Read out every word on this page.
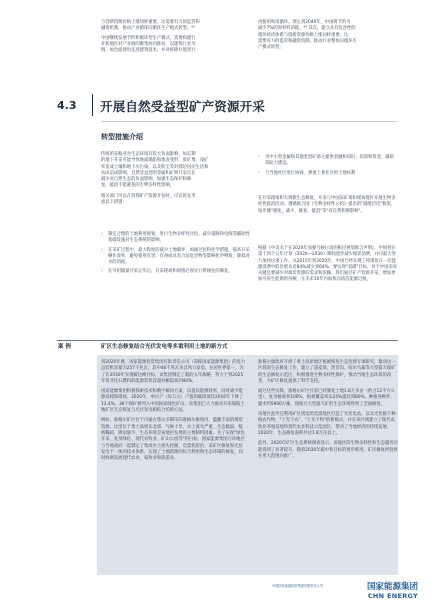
与创新资源价格上涨同样重要。这需要有力的监管和
融资机制，推动产业循环向循环生产模式转型。⁴³
中国继续发展节约和循环型生产模式，需要构建行
业和地区对产业链的聚集协同推动，以建筑行业为
例，如全面使用先进建筑技术，并对拆除垃圾进行
再使用和再循环。那么到2040年，中国将节约可
减少7%的原材料消耗。⁴⁴ 其次，建立具有包容性的
循环经济体系与创新资源价格上涨同样重要，这
需要有力的监管和融资机制，推动行业整体向循环生
产模式转型。
4.3 开展自然受益型矿产资源开采
转型措施介绍
传统的采掘业对生态环境有较大负面影响，如长期
的地下开采可能导致地面塌陷和地表变形，废矿堆、尾矿
库造成土壤和地下水污染，以及粉尘等对周边居民生活和
农田造成影响。自然受益型的金属和矿物开采旨在
减少对自然生态的负面影响，加强生态保护和修
复，抵消不能避免的生物多样性影响。
相关部门可以在管理矿产资源开发时，可以优先考
虑以下措施：
– 制定合理的土地利用规划，进行生物多样性评估，减少道路和电线等辅助性基础设施对生态系统的影响。
– 在采矿过程中，最大程度的减少土地破坏，如通过抗粉化学措施，提高开采操作效率，避免使用有害、有毒或具有合法危害物等影响化学物质，降低对水的消耗。
– 在可用储量开采完毕后，开采现场和周围必须实行系统化的修复。
– 为中小型金属和其他类型矿场主提供金融和知识、培训和资金、辅助其助力建设。
– 与当地社区进行协商，尊重土著社区的土地权利
在开采现场和大规模生态修复，开采与中国采矿场和现场地区开展生物多样性抵消活动，遵循联合国《生物多样性公约》提出的"减缓层次"框架，按步骤"避免、减少、修复、抵消"等"对自然积极影响"。
根据《中美关于在2020年加强气候行动的相应规划联合声明》，中国将在第十四个五年计划（2026—2030）期间逐步减少煤炭消费，并尽最大努力加快这项工作。从2015年到2020年，中国已经实现了将煤炭在一次能源消费中的比重从近84%减少到64%。要实现"双碳"目标，对于中国来说关键是要减少对煤炭资源的需求和依赖。我们通过矿产资源开采，增加更加可再生能源的份额，在未来10年内加快向清洁能源过渡。
案 例	矿区生态修复结合光伏发电等多重利用土地的新方式

到2020年底，国家能源投资集团有限责任公司（简称国家能源集团）的电力总装机容量为257千兆瓦，其中46千兆瓦来自风力发电，位居世界第一。为了在2030年实现碳达峰目标，该集团制定了新的五年战略，努力于到2025年将非化石燃料的能源装机容量份额提高到40%。

国家能源集团积极探索技术和数字解决方案，以提高能源效率，同时减少能源消耗和排放。2020年，单位产（每万元）产值的碳排放比2016年下降了13.4%，36个煤矿被列入中国国家绿色矿山。该集团已大力推动开采塌陷土地矿区生态恢复与光伏发电相结合的新方法。

例如，准格尔矿区位于内蒙古鄂尔多斯市的准格尔旗境内，蕴藏丰富的煤炭资源。这里位于黄土高原东北部，气候干旱，水土流失严重，生态脆弱，植被稀疏，降雨量少，生态环境是该地区发展的主要制约因素。为了实现"绿色开采、复垦绿化、现代农牧业、矿山公园等"的目标，国家能源集团在该地区与当地政府一起制定了集成水土流失控制、荒漠化防治、采矿区修复和光伏发电于一体的技术体系，实现了土地资源的综合利用和生态环境的修复，同时协调发展现代农业、畜牧业和旅游业。

准格尔旗政府开展了黄土高原地区植被恢复生态治理专项研究，推动这一区域的生态修复工作，建立了康家梁、黑岱沟、哈尔乌素等大型露天煤矿的生态修复示范区，积极推进生物多样性保护，推动当地生态环境的改善，为矿区修复提供了科学支持。

通过这些实践，准格尔矿区目前已经修复土地1.8万多亩（约合12平方公里），复垦植被率100%，植被覆盖率从25%提高到80%，种植各种乔、灌木约5900万株，使地方大型露天矿的生态环境得到了全面修复。

该地区此外还利用矿区周边的荒漠地区打造了光伏电站，以及光伏板下种植农作物、"上光下农"、"上光下牧"的新模式，并在该区域建立了现代农牧业养殖基地和现代农业科技示范园区，带动了当地经济的持续发展。2020年，生态修复面积共达1.8万亩以上。

此外，2020年矿区生态系统调查显示，该地区的生物多样性和生态服务功能得到了显著提升。随着2030年碳中和目标的逐步推进，矿区修复经验将在更大范围内推广。

中国国家能源投资集团有限责任公司	国家能源集团
CHN ENERGY
